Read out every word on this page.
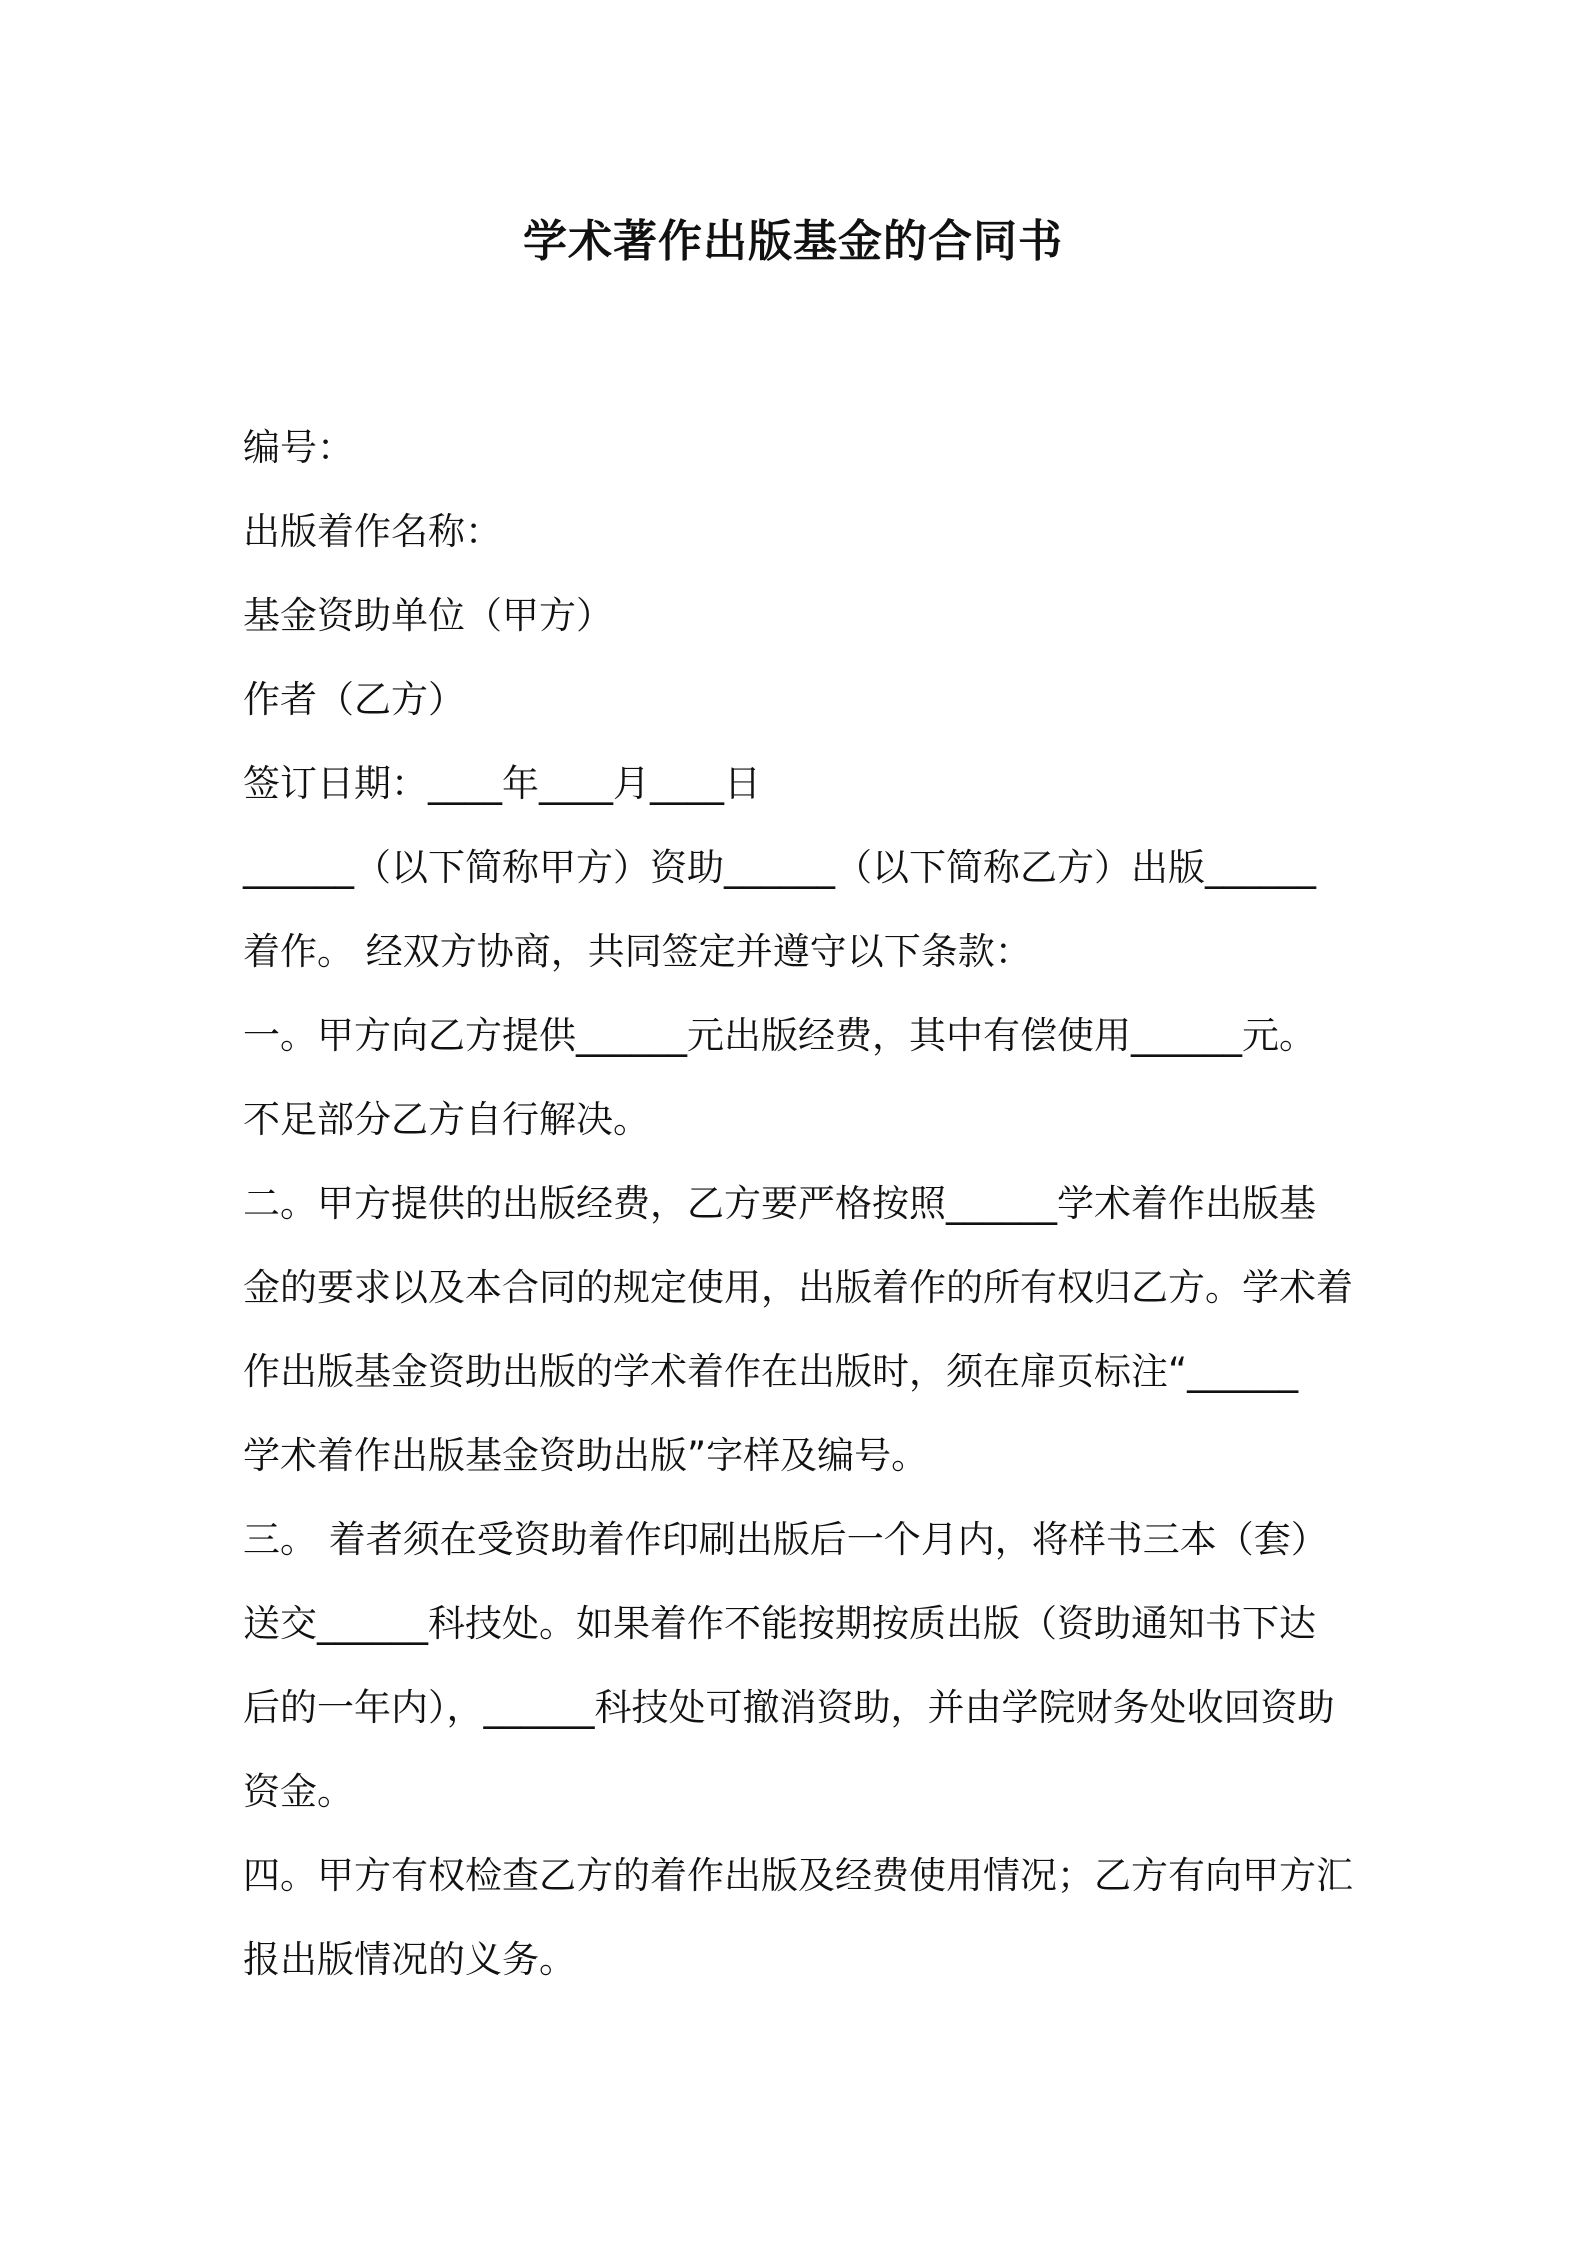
学术著作出版基金的合同书
编号：
出版着作名称：
基金资助单位（甲方）
作者（乙方）
签订日期：____年____月____日
______（以下简称甲方）资助______（以下简称乙方）出版______
着作。 经双方协商，共同签定并遵守以下条款：
一。甲方向乙方提供______元出版经费，其中有偿使用______元。
不足部分乙方自行解决。
二。甲方提供的出版经费，乙方要严格按照______学术着作出版基
金的要求以及本合同的规定使用，出版着作的所有权归乙方。学术着
作出版基金资助出版的学术着作在出版时，须在扉页标注“______
学术着作出版基金资助出版”字样及编号。
三。 着者须在受资助着作印刷出版后一个月内，将样书三本（套）
送交______科技处。如果着作不能按期按质出版（资助通知书下达
后的一年内），______科技处可撤消资助，并由学院财务处收回资助
资金。
四。甲方有权检查乙方的着作出版及经费使用情况；乙方有向甲方汇
报出版情况的义务。
